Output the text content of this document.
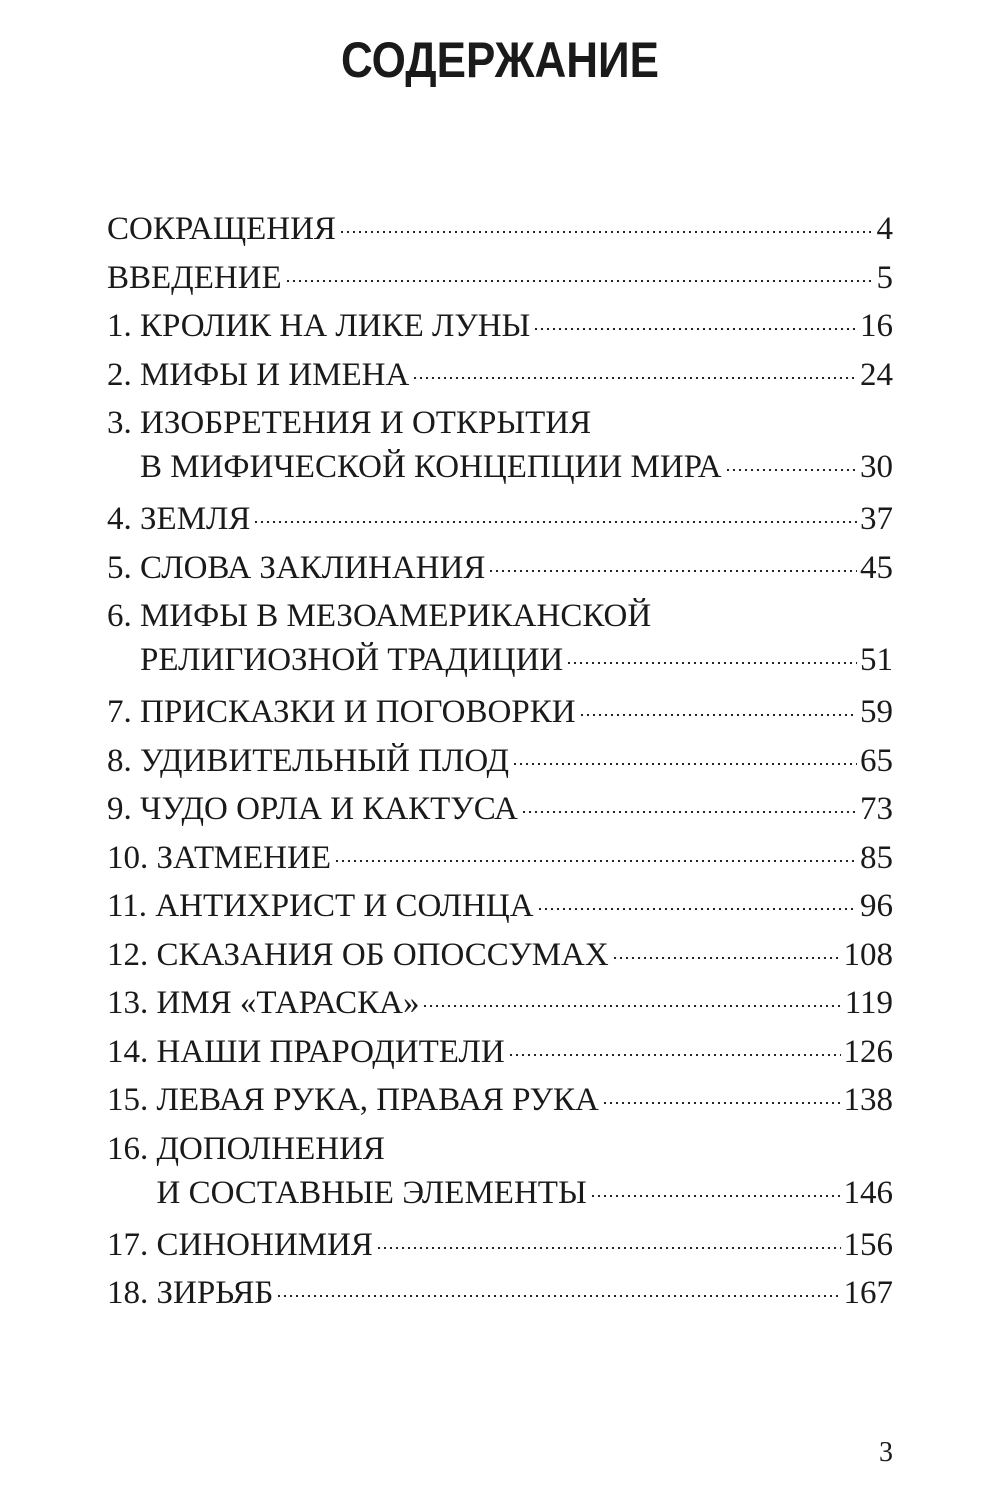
СОДЕРЖАНИЕ
СОКРАЩЕНИЯ	4
ВВЕДЕНИЕ	5
1. КРОЛИК НА ЛИКЕ ЛУНЫ	16
2. МИФЫ И ИМЕНА	24
3. ИЗОБРЕТЕНИЯ И ОТКРЫТИЯ
В МИФИЧЕСКОЙ КОНЦЕПЦИИ МИРА	30
4. ЗЕМЛЯ	37
5. СЛОВА ЗАКЛИНАНИЯ	45
6. МИФЫ В МЕЗОАМЕРИКАНСКОЙ
РЕЛИГИОЗНОЙ ТРАДИЦИИ	51
7. ПРИСКАЗКИ И ПОГОВОРКИ	59
8. УДИВИТЕЛЬНЫЙ ПЛОД	65
9. ЧУДО ОРЛА И КАКТУСА	73
10. ЗАТМЕНИЕ	85
11. АНТИХРИСТ И СОЛНЦА	96
12. СКАЗАНИЯ ОБ ОПОССУМАХ	108
13. ИМЯ «ТАРАСКА»	119
14. НАШИ ПРАРОДИТЕЛИ	126
15. ЛЕВАЯ РУКА, ПРАВАЯ РУКА	138
16. ДОПОЛНЕНИЯ
И СОСТАВНЫЕ ЭЛЕМЕНТЫ	146
17. СИНОНИМИЯ	156
18. ЗИРЬЯБ	167
3
